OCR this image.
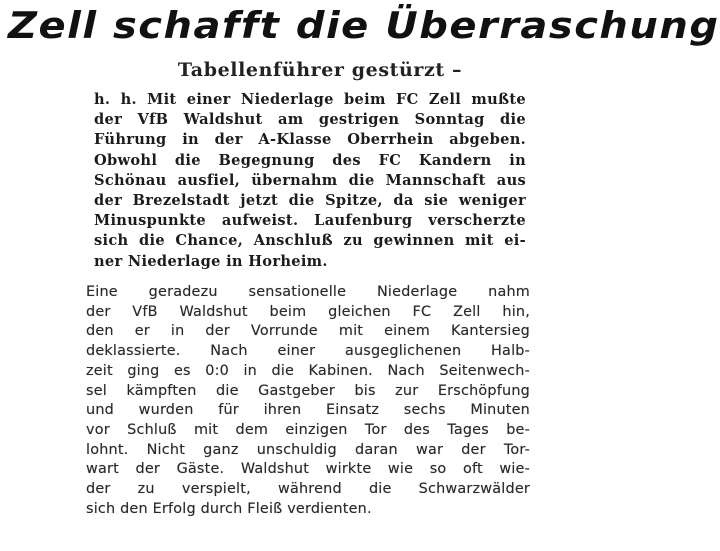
Zell schafft die Überraschung
Tabellenführer gestürzt –
h. h. Mit einer Niederlage beim FC Zell mußte
der VfB Waldshut am gestrigen Sonntag die
Führung in der A-Klasse Oberrhein abgeben.
Obwohl die Begegnung des FC Kandern in
Schönau ausfiel, übernahm die Mannschaft aus
der Brezelstadt jetzt die Spitze, da sie weniger
Minuspunkte aufweist. Laufenburg verscherzte
sich die Chance, Anschluß zu gewinnen mit ei-
ner Niederlage in Horheim.
Eine geradezu sensationelle Niederlage nahm
der VfB Waldshut beim gleichen FC Zell hin,
den er in der Vorrunde mit einem Kantersieg
deklassierte. Nach einer ausgeglichenen Halb-
zeit ging es 0:0 in die Kabinen. Nach Seitenwech-
sel kämpften die Gastgeber bis zur Erschöpfung
und wurden für ihren Einsatz sechs Minuten
vor Schluß mit dem einzigen Tor des Tages be-
lohnt. Nicht ganz unschuldig daran war der Tor-
wart der Gäste. Waldshut wirkte wie so oft wie-
der zu verspielt, während die Schwarzwälder
sich den Erfolg durch Fleiß verdienten.
